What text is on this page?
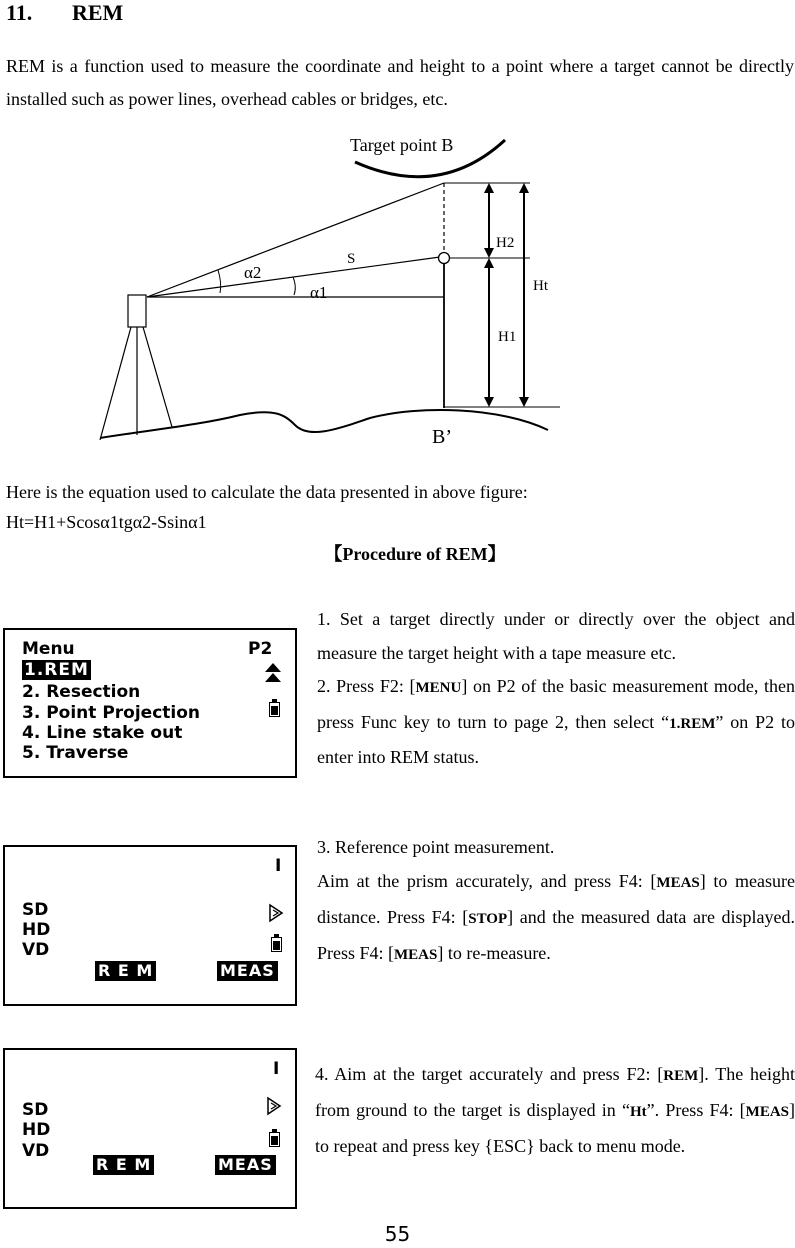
11. REM
REM is a function used to measure the coordinate and height to a point where a target cannot be directly installed such as power lines, overhead cables or bridges, etc.
Target point B
S
α2
α1
H2
Ht
H1
B’
Here is the equation used to calculate the data presented in above figure:
Ht=H1+Scosα1tgα2-Ssinα1
【Procedure of REM】
Menu	P2
1.REM
2. Resection
3. Point Projection
4. Line stake out
5. Traverse
I
SD
HD
VD
R E M	MEAS
I
SD
HD
VD
R E M	MEAS
1. Set a target directly under or directly over the object and measure the target height with a tape measure etc.
2. Press F2: [MENU] on P2 of the basic measurement mode, then press Func key to turn to page 2, then select “1.REM” on P2 to enter into REM status.
3. Reference point measurement.
Aim at the prism accurately, and press F4: [MEAS] to measure distance. Press F4: [STOP] and the measured data are displayed. Press F4: [MEAS] to re-measure.
4. Aim at the target accurately and press F2: [REM]. The height from ground to the target is displayed in “Ht”. Press F4: [MEAS] to repeat and press key {ESC} back to menu mode.
55
